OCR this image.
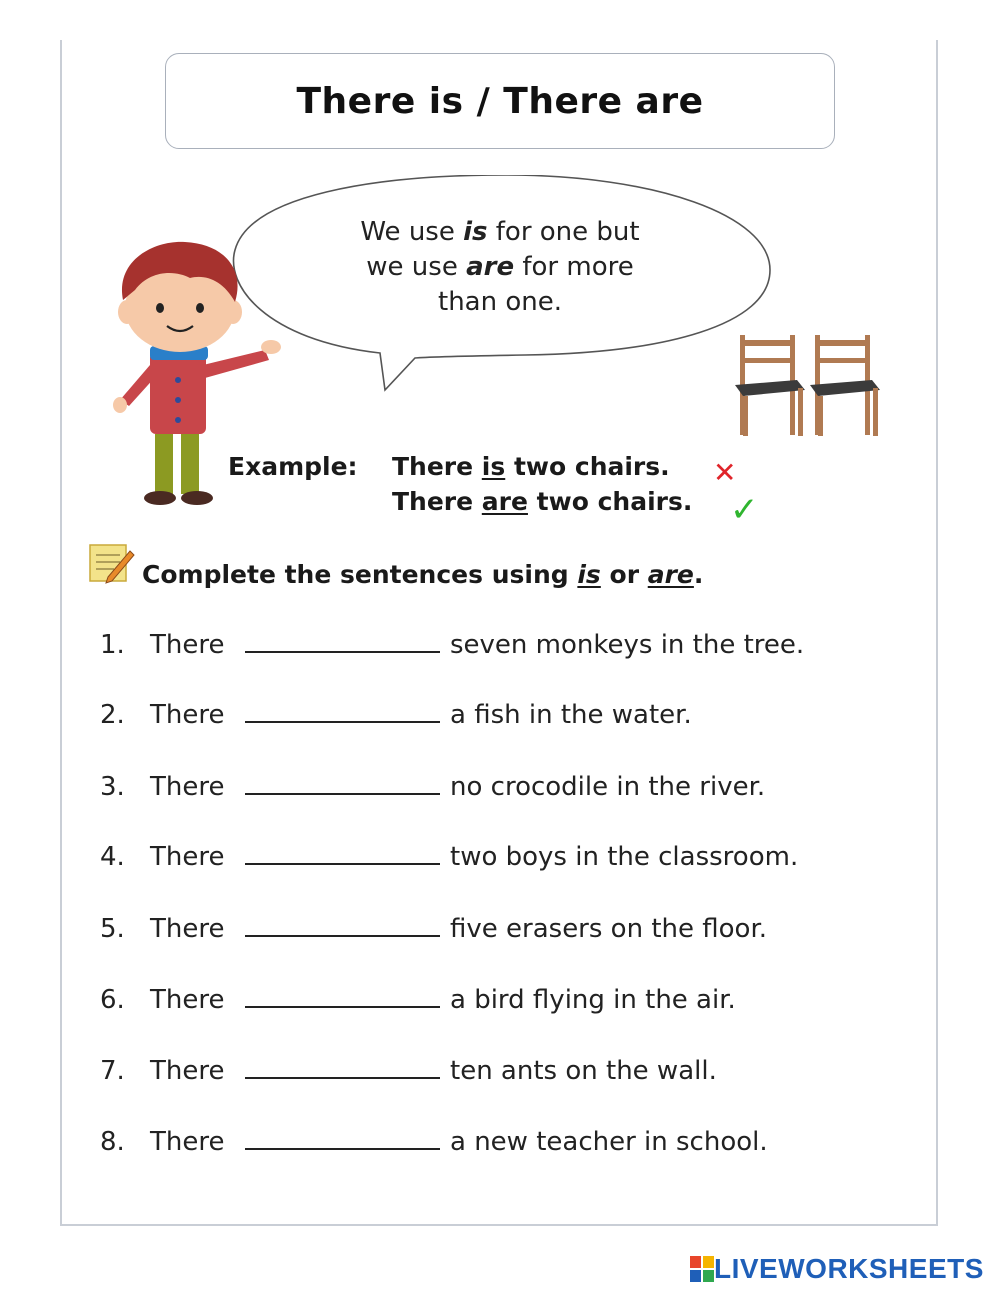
There is / There are
We use is for one but
we use are for more
than one.
Example: There is two chairs. ✕
There are two chairs. ✓
Complete the sentences using is or are.
1. There	seven monkeys in the tree.
2. There	a fish in the water.
3. There	no crocodile in the river.
4. There	two boys in the classroom.
5. There	five erasers on the floor.
6. There	a bird flying in the air.
7. There	ten ants on the wall.
8. There	a new teacher in school.
LIVEWORKSHEETS
